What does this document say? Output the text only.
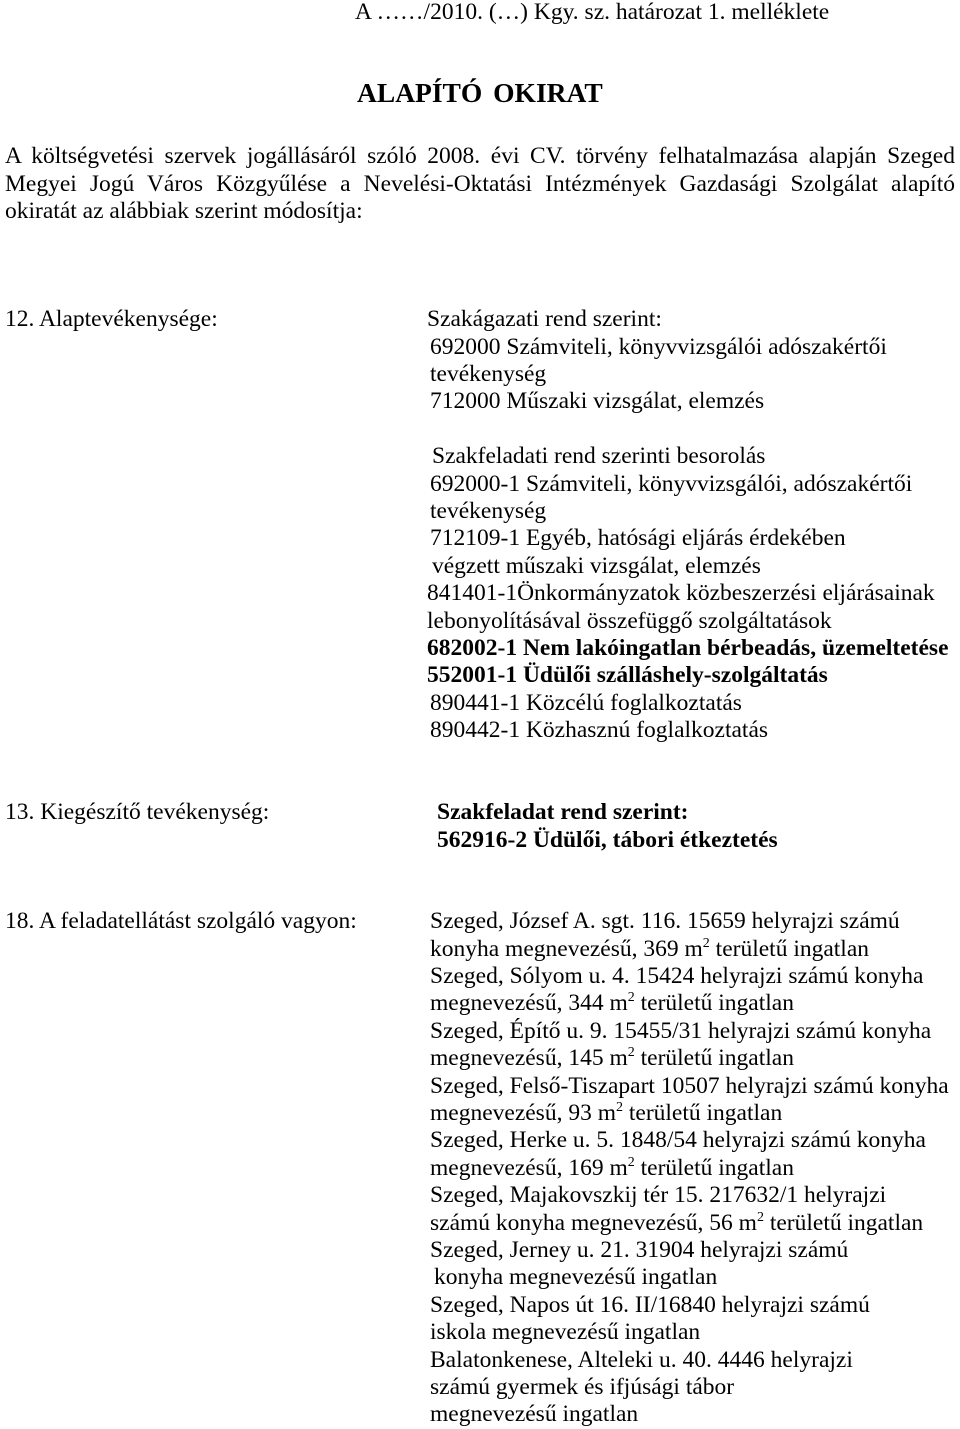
A ……/2010. (…) Kgy. sz. határozat 1. melléklete
ALAPÍTÓ OKIRAT
A költségvetési szervek jogállásáról szóló 2008. évi CV. törvény felhatalmazása alapján Szeged
Megyei Jogú Város Közgyűlése a Nevelési-Oktatási Intézmények Gazdasági Szolgálat alapító
okiratát az alábbiak szerint módosítja:
12. Alaptevékenysége:	Szakágazati rend szerint:
692000 Számviteli, könyvvizsgálói adószakértői
tevékenység
712000 Műszaki vizsgálat, elemzés
Szakfeladati rend szerinti besorolás
692000-1 Számviteli, könyvvizsgálói, adószakértői
tevékenység
712109-1 Egyéb, hatósági eljárás érdekében
végzett műszaki vizsgálat, elemzés
841401-1Önkormányzatok közbeszerzési eljárásainak
lebonyolításával összefüggő szolgáltatások
682002-1 Nem lakóingatlan bérbeadás, üzemeltetése
552001-1 Üdülői szálláshely-szolgáltatás
890441-1 Közcélú foglalkoztatás
890442-1 Közhasznú foglalkoztatás
13. Kiegészítő tevékenység:	Szakfeladat rend szerint:
562916-2 Üdülői, tábori étkeztetés
18. A feladatellátást szolgáló vagyon:	Szeged, József A. sgt. 116. 15659 helyrajzi számú
konyha megnevezésű, 369 $m^2$ területű ingatlan
Szeged, Sólyom u. 4. 15424 helyrajzi számú konyha
megnevezésű, 344 $m^2$ területű ingatlan
Szeged, Építő u. 9. 15455/31 helyrajzi számú konyha
megnevezésű, 145 $m^2$ területű ingatlan
Szeged, Felső-Tiszapart 10507 helyrajzi számú konyha
megnevezésű, 93 $m^2$ területű ingatlan
Szeged, Herke u. 5. 1848/54 helyrajzi számú konyha
megnevezésű, 169 $m^2$ területű ingatlan
Szeged, Majakovszkij tér 15. 217632/1 helyrajzi
számú konyha megnevezésű, 56 $m^2$ területű ingatlan
Szeged, Jerney u. 21. 31904 helyrajzi számú
konyha megnevezésű ingatlan
Szeged, Napos út 16. II/16840 helyrajzi számú
iskola megnevezésű ingatlan
Balatonkenese, Alteleki u. 40. 4446 helyrajzi
számú gyermek és ifjúsági tábor
megnevezésű ingatlan
